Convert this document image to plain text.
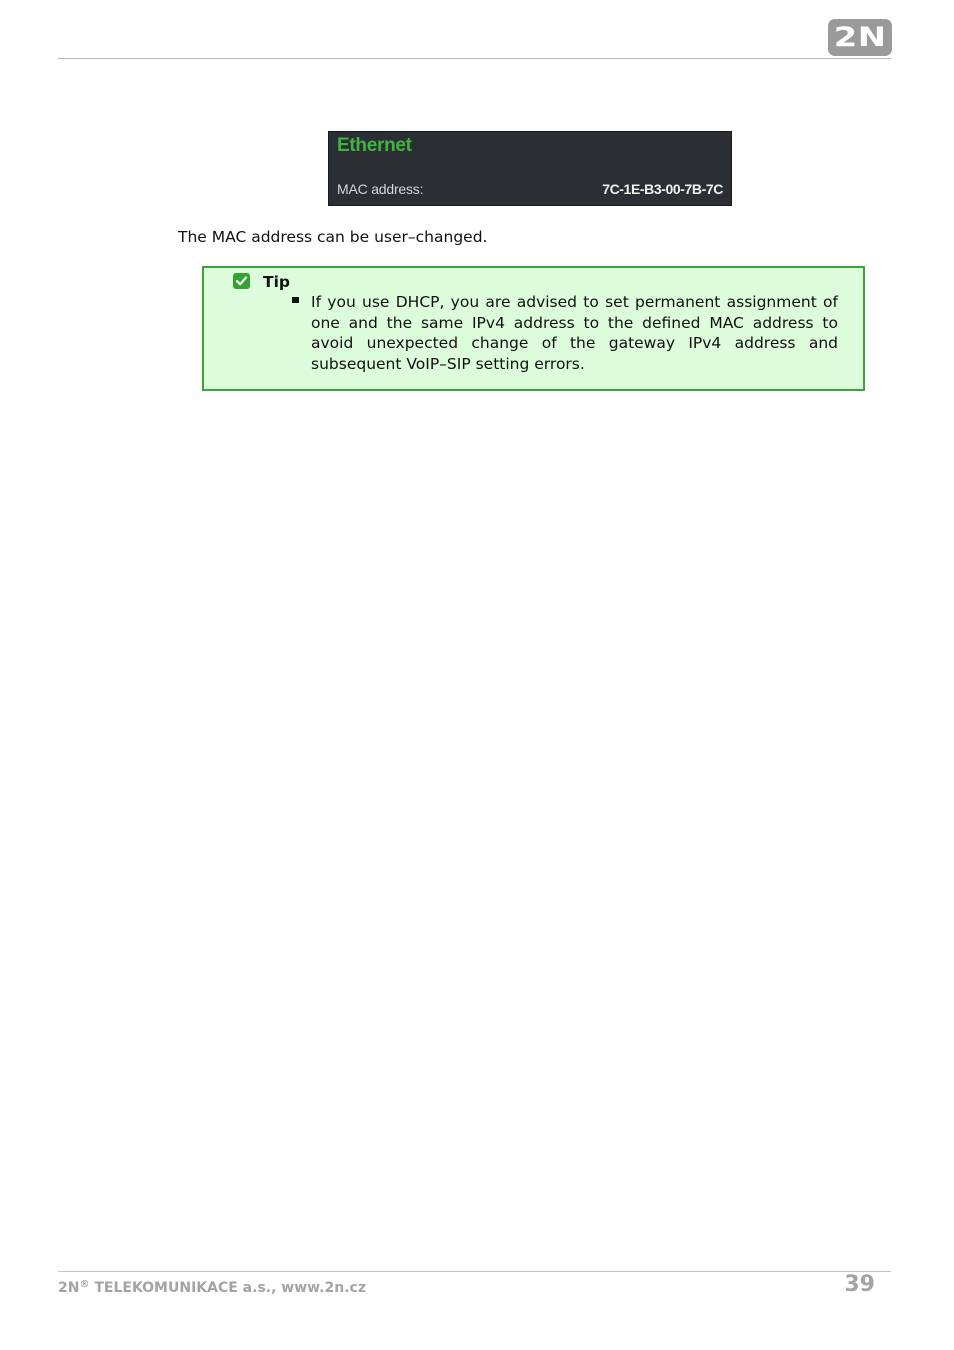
2N
Ethernet
MAC address:	7C-1E-B3-00-7B-7C
The MAC address can be user–changed.
Tip
If you use DHCP, you are advised to set permanent assignment of one and the same IPv4 address to the defined MAC address to avoid unexpected change of the gateway IPv4 address and subsequent VoIP–SIP setting errors.
2N® TELEKOMUNIKACE a.s., www.2n.cz	39
